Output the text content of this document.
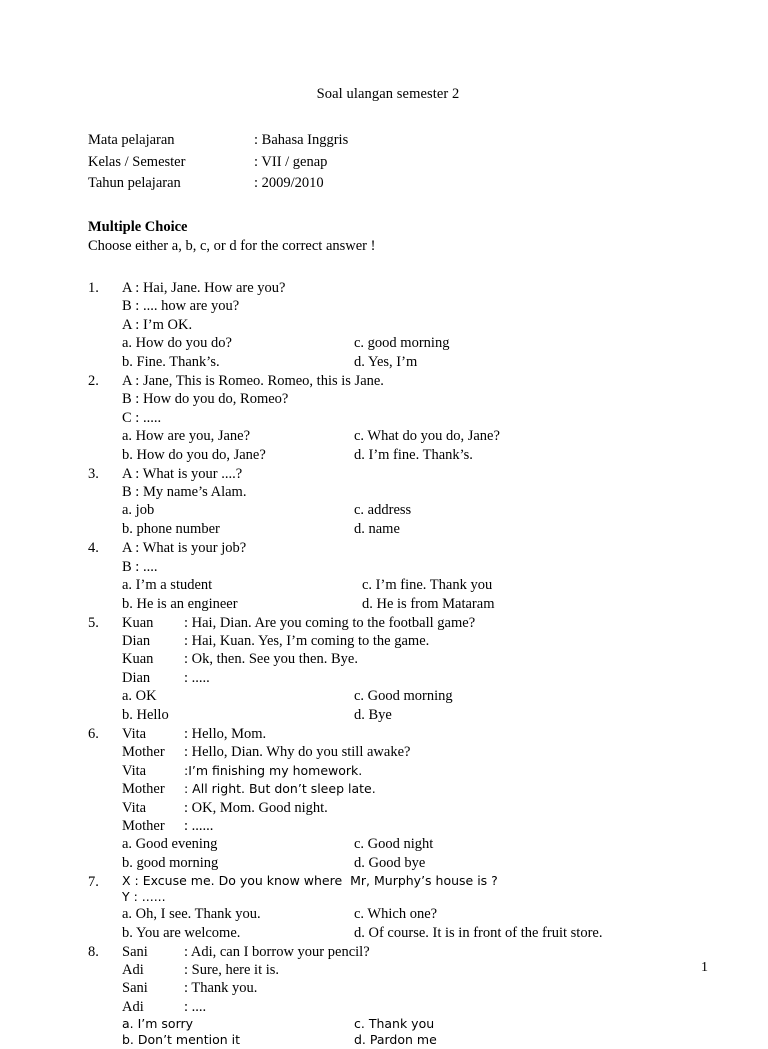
Soal ulangan semester 2
Mata pelajaran	: Bahasa Inggris
Kelas / Semester	: VII / genap
Tahun pelajaran	: 2009/2010
Multiple Choice
Choose either a, b, c, or d for the correct answer !
1.	A : Hai, Jane. How are you?
B : .... how are you?
A : I’m OK.
a. How do you do?	c. good morning
b. Fine. Thank’s.	d. Yes, I’m
2.	A : Jane, This is Romeo. Romeo, this is Jane.
B : How do you do, Romeo?
C : .....
a. How are you, Jane?	c. What do you do, Jane?
b. How do you do, Jane?	d. I’m fine. Thank’s.
3.	A : What is your ....?
B : My name’s Alam.
a. job	c. address
b. phone number	d. name
4.	A : What is your job?
B : ....
a. I’m a student	c. I’m fine. Thank you
b. He is an engineer	d. He is from Mataram
5.	Kuan : Hai, Dian. Are you coming to the football game?
Dian : Hai, Kuan. Yes, I’m coming to the game.
Kuan : Ok, then. See you then. Bye.
Dian : .....
a. OK	c. Good morning
b. Hello	d. Bye
6.	Vita	: Hello, Mom.
Mother : Hello, Dian. Why do you still awake?
Vita	:I’m finishing my homework.
Mother : All right. But don’t sleep late.
Vita	: OK, Mom. Good night.
Mother : ......
a. Good evening	c. Good night
b. good morning	d. Good bye
7.	X : Excuse me. Do you know where  Mr, Murphy’s house is ?
Y : ......
a. Oh, I see. Thank you.	c. Which one?
b. You are welcome.	d. Of course. It is in front of the fruit store.
8.	Sani : Adi, can I borrow your pencil?
Adi	: Sure, here it is.
Sani : Thank you.
Adi	: ....
a. I’m sorry	c. Thank you
b. Don’t mention it	d. Pardon me
1
